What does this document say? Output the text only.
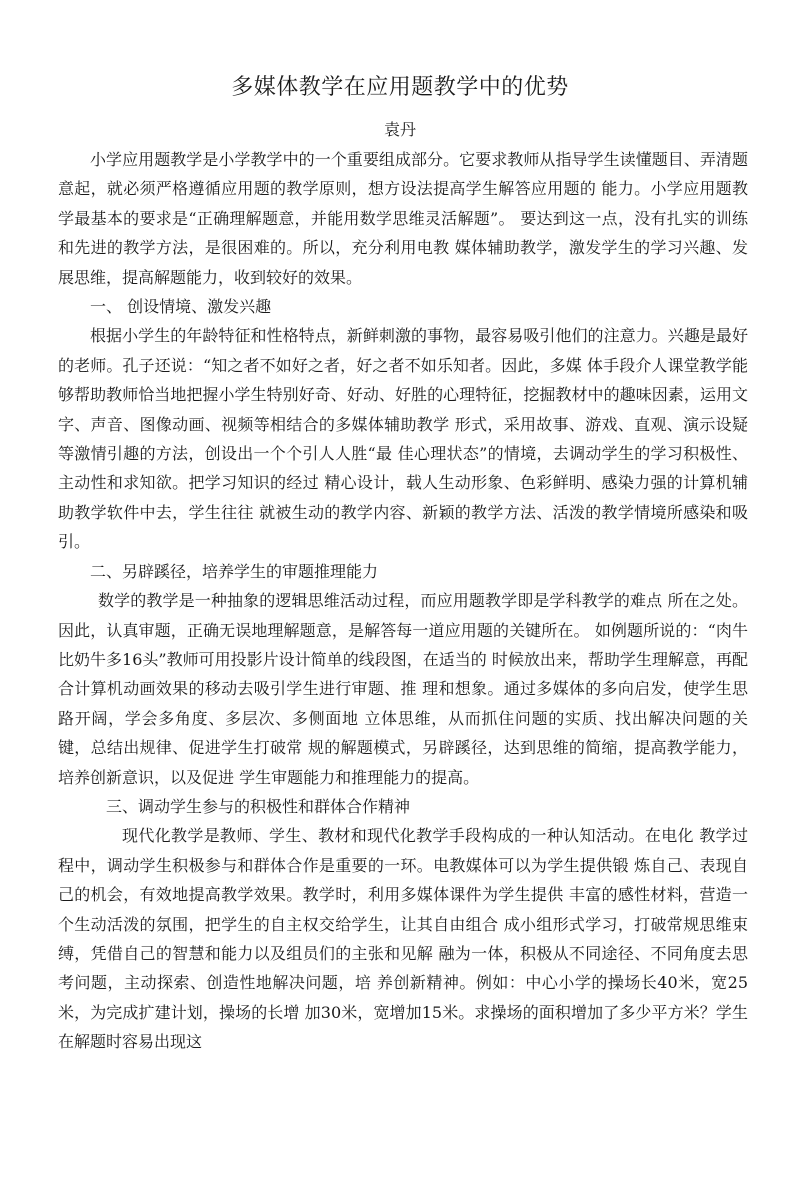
多媒体教学在应用题教学中的优势
袁丹

小学应用题教学是小学教学中的一个重要组成部分。它要求教师从指导学生读懂题目、弄清题意起，就必须严格遵循应用题的教学原则，想方设法提高学生解答应用题的 能力。小学应用题教学最基本的要求是“正确理解题意，并能用数学思维灵活解题”。 要达到这一点，没有扎实的训练和先进的教学方法，是很困难的。所以，充分利用电教 媒体辅助教学，激发学生的学习兴趣、发展思维，提高解题能力，收到较好的效果。

一、 创设情境、激发兴趣

根据小学生的年龄特征和性格特点，新鲜刺激的事物，最容易吸引他们的注意力。兴趣是最好的老师。孔子还说：“知之者不如好之者，好之者不如乐知者。因此，多媒 体手段介人课堂教学能够帮助教师恰当地把握小学生特别好奇、好动、好胜的心理特征，挖掘教材中的趣味因素，运用文字、声音、图像动画、视频等相结合的多媒体辅助教学 形式，采用故事、游戏、直观、演示设疑等激情引趣的方法，创设出一个个引人人胜“最 佳心理状态”的情境，去调动学生的学习积极性、主动性和求知欲。把学习知识的经过 精心设计，载人生动形象、色彩鲜明、感染力强的计算机辅助教学软件中去，学生往往 就被生动的教学内容、新颖的教学方法、活泼的教学情境所感染和吸引。

二、另辟蹊径，培养学生的审题推理能力

数学的教学是一种抽象的逻辑思维活动过程，而应用题教学即是学科教学的难点 所在之处。因此，认真审题，正确无误地理解题意，是解答每一道应用题的关键所在。 如例题所说的：“肉牛比奶牛多16头”教师可用投影片设计简单的线段图，在适当的 时候放出来，帮助学生理解意，再配合计算机动画效果的移动去吸引学生进行审题、推 理和想象。通过多媒体的多向启发，使学生思路开阔，学会多角度、多层次、多侧面地 立体思维，从而抓住问题的实质、找出解决问题的关键，总结出规律、促进学生打破常 规的解题模式，另辟蹊径，达到思维的简缩，提高教学能力，培养创新意识，以及促进 学生审题能力和推理能力的提高。

三、调动学生参与的积极性和群体合作精神

现代化教学是教师、学生、教材和现代化教学手段构成的一种认知活动。在电化 教学过程中，调动学生积极参与和群体合作是重要的一环。电教媒体可以为学生提供锻 炼自己、表现自己的机会，有效地提高教学效果。教学时，利用多媒体课件为学生提供 丰富的感性材料，营造一个生动活泼的氛围，把学生的自主权交给学生，让其自由组合 成小组形式学习，打破常规思维束缚，凭借自己的智慧和能力以及组员们的主张和见解 融为一体，积极从不同途径、不同角度去思考问题，主动探索、创造性地解决问题，培 养创新精神。例如：中心小学的操场长40米，宽25米，为完成扩建计划，操场的长增 加30米，宽增加15米。求操场的面积增加了多少平方米？学生在解题时容易出现这
